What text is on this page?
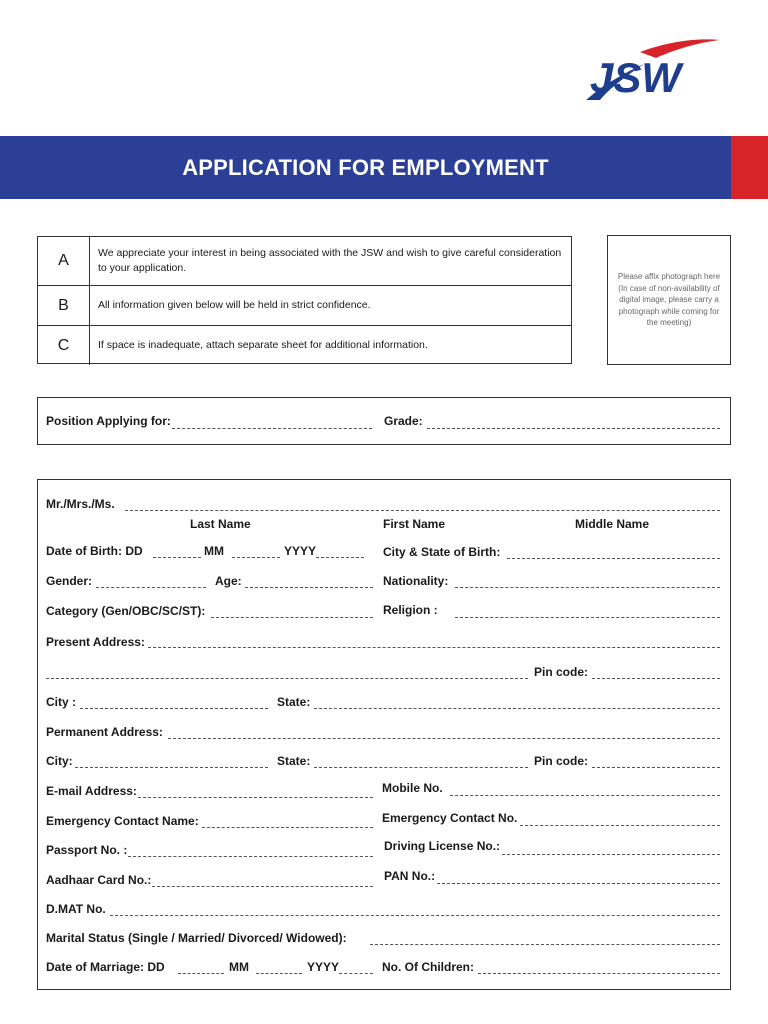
JSW
APPLICATION FOR EMPLOYMENT
A	We appreciate your interest in being associated with the JSW and wish to give careful consideration to your application.
B	All information given below will be held in strict confidence.
C	If space is inadequate, attach separate sheet for additional information.
Please affix photograph here (In case of non-availability of digital image, please carry a photograph while coming for the meeting)
Position Applying for:	Grade:
Mr./Mrs./Ms.
Last Name	First Name	Middle Name
Date of Birth: DD	MM	YYYY	City & State of Birth:
Gender:	Age:	Nationality:
Category (Gen/OBC/SC/ST):	Religion :
Present Address:
Pin code:
City :	State:
Permanent Address:
City:	State:	Pin code:
E-mail Address:	Mobile No.
Emergency Contact Name:	Emergency Contact No.
Passport No. :	Driving License No.:
Aadhaar Card No.:	PAN No.:
D.MAT No.
Marital Status (Single / Married/ Divorced/ Widowed):
Date of Marriage: DD	MM	YYYY	No. Of Children:
